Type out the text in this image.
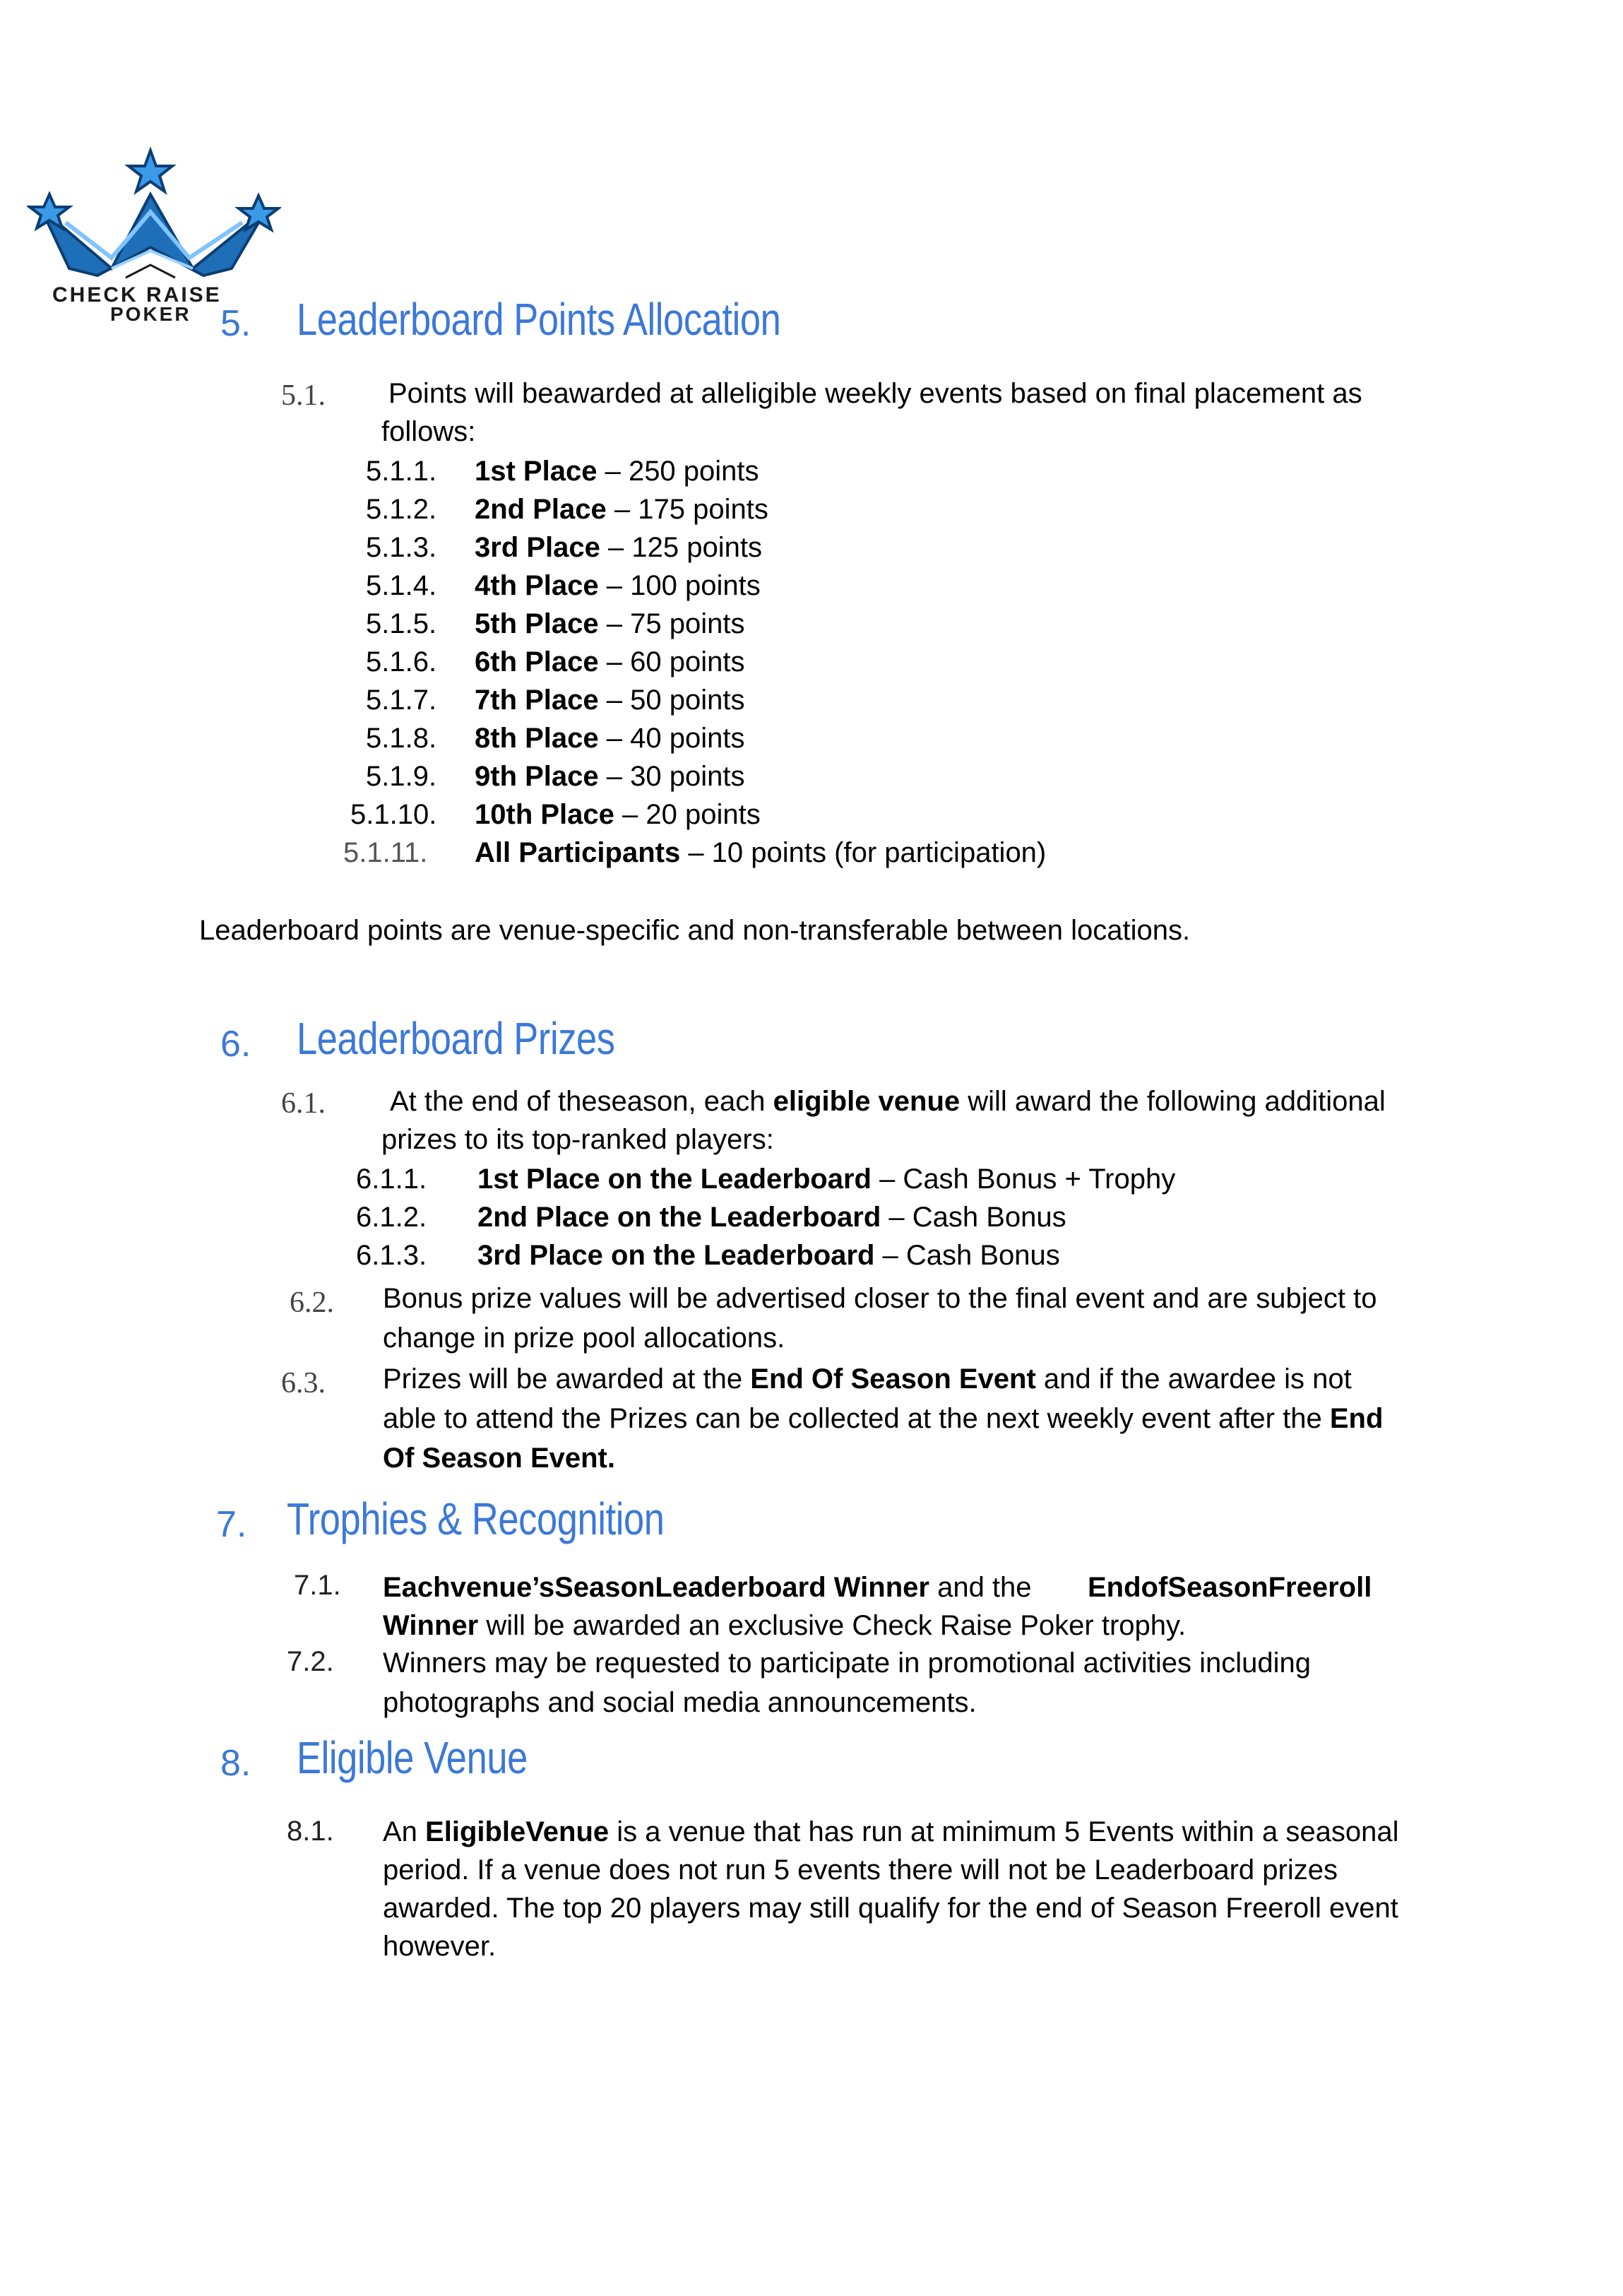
CHECK RAISE
POKER 5. Leaderboard Points Allocation
5.1. Points will beawarded at alleligible weekly events based on final placement as
follows:
5.1.1. 1st Place – 250 points
5.1.2. 2nd Place – 175 points
5.1.3. 3rd Place – 125 points
5.1.4. 4th Place – 100 points
5.1.5. 5th Place – 75 points
5.1.6. 6th Place – 60 points
5.1.7. 7th Place – 50 points
5.1.8. 8th Place – 40 points
5.1.9. 9th Place – 30 points
5.1.10. 10th Place – 20 points
5.1.11. All Participants – 10 points (for participation)
Leaderboard points are venue-specific and non-transferable between locations.
6. Leaderboard Prizes
6.1. At the end of theseason, each eligible venue will award the following additional
prizes to its top-ranked players:
6.1.1. 1st Place on the Leaderboard – Cash Bonus + Trophy
6.1.2. 2nd Place on the Leaderboard – Cash Bonus
6.1.3. 3rd Place on the Leaderboard – Cash Bonus
6.2. Bonus prize values will be advertised closer to the final event and are subject to
change in prize pool allocations.
6.3. Prizes will be awarded at the End Of Season Event and if the awardee is not
able to attend the Prizes can be collected at the next weekly event after the End
Of Season Event.
7. Trophies & Recognition
7.1. Eachvenue’sSeasonLeaderboard Winner and the EndofSeasonFreeroll
Winner will be awarded an exclusive Check Raise Poker trophy.
7.2. Winners may be requested to participate in promotional activities including
photographs and social media announcements.
8. Eligible Venue
8.1. An EligibleVenue is a venue that has run at minimum 5 Events within a seasonal
period. If a venue does not run 5 events there will not be Leaderboard prizes
awarded. The top 20 players may still qualify for the end of Season Freeroll event
however.
